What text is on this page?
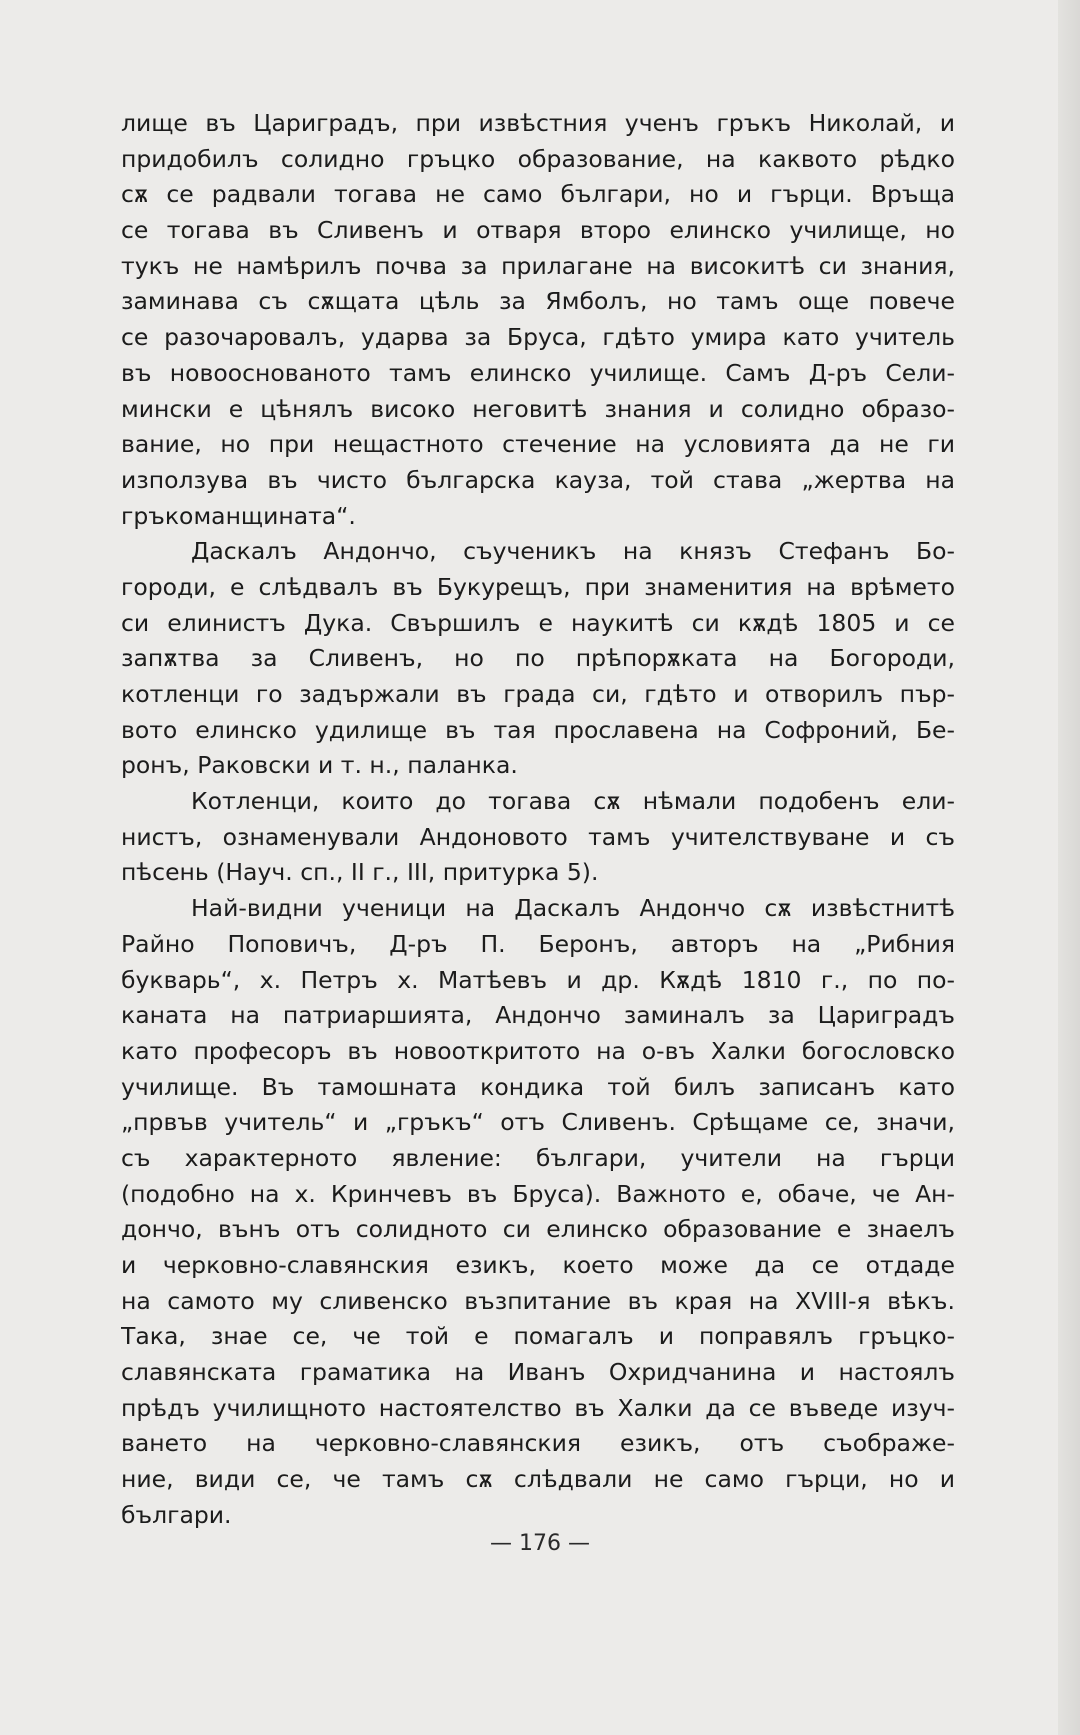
лище въ Цариградъ, при извѣстния ученъ гръкъ Николай, и
придобилъ солидно гръцко образование, на каквото рѣдко
сѫ се радвали тогава не само българи, но и гърци. Връща
се тогава въ Сливенъ и отваря второ елинско училище, но
тукъ не намѣрилъ почва за прилагане на високитѣ си знания,
заминава съ сѫщата цѣль за Ямболъ, но тамъ още повече
се разочаровалъ, ударва за Бруса, гдѣто умира като учитель
въ новооснованото тамъ елинско училище. Самъ Д-ръ Сели-
мински е цѣнялъ високо неговитѣ знания и солидно образо-
вание, но при нещастното стечение на условията да не ги
използува въ чисто българска кауза, той става „жертва на
гръкоманщината“.
Даскалъ Андончо, съученикъ на князъ Стефанъ Бо-
городи, е слѣдвалъ въ Букурещъ, при знаменития на врѣмето
си елинистъ Дука. Свършилъ е наукитѣ си кѫдѣ 1805 и се
запѫтва за Сливенъ, но по прѣпорѫката на Богороди,
котленци го задържали въ града си, гдѣто и отворилъ пър-
вото елинско удилище въ тая прославена на Софроний, Бе-
ронъ, Раковски и т. н., паланка.
Котленци, които до тогава сѫ нѣмали подобенъ ели-
нистъ, ознаменували Андоновото тамъ учителствуване и съ
пѣсень (Науч. сп., II г., III, притурка 5).
Най-видни ученици на Даскалъ Андончо сѫ извѣстнитѣ
Райно Поповичъ, Д-ръ П. Беронъ, авторъ на „Рибния
букварь“, х. Петръ х. Матѣевъ и др. Кѫдѣ 1810 г., по по-
каната на патриаршията, Андончо заминалъ за Цариградъ
като професоръ въ новооткритото на о-въ Халки богословско
училище. Въ тамошната кондика той билъ записанъ като
„првъв учитель“ и „гръкъ“ отъ Сливенъ. Срѣщаме се, значи,
съ характерното явление: българи, учители на гърци
(подобно на х. Кринчевъ въ Бруса). Важното е, обаче, че Ан-
дончо, вънъ отъ солидното си елинско образование е знаелъ
и черковно-славянския езикъ, което може да се отдаде
на самото му сливенско възпитание въ края на XVIII-я вѣкъ.
Така, знае се, че той е помагалъ и поправялъ гръцко-
славянската граматика на Иванъ Охридчанина и настоялъ
прѣдъ училищното настоятелство въ Халки да се въведе изуч-
ването на черковно-славянския езикъ, отъ съображе-
ние, види се, че тамъ сѫ слѣдвали не само гърци, но и
българи.
— 176 —
